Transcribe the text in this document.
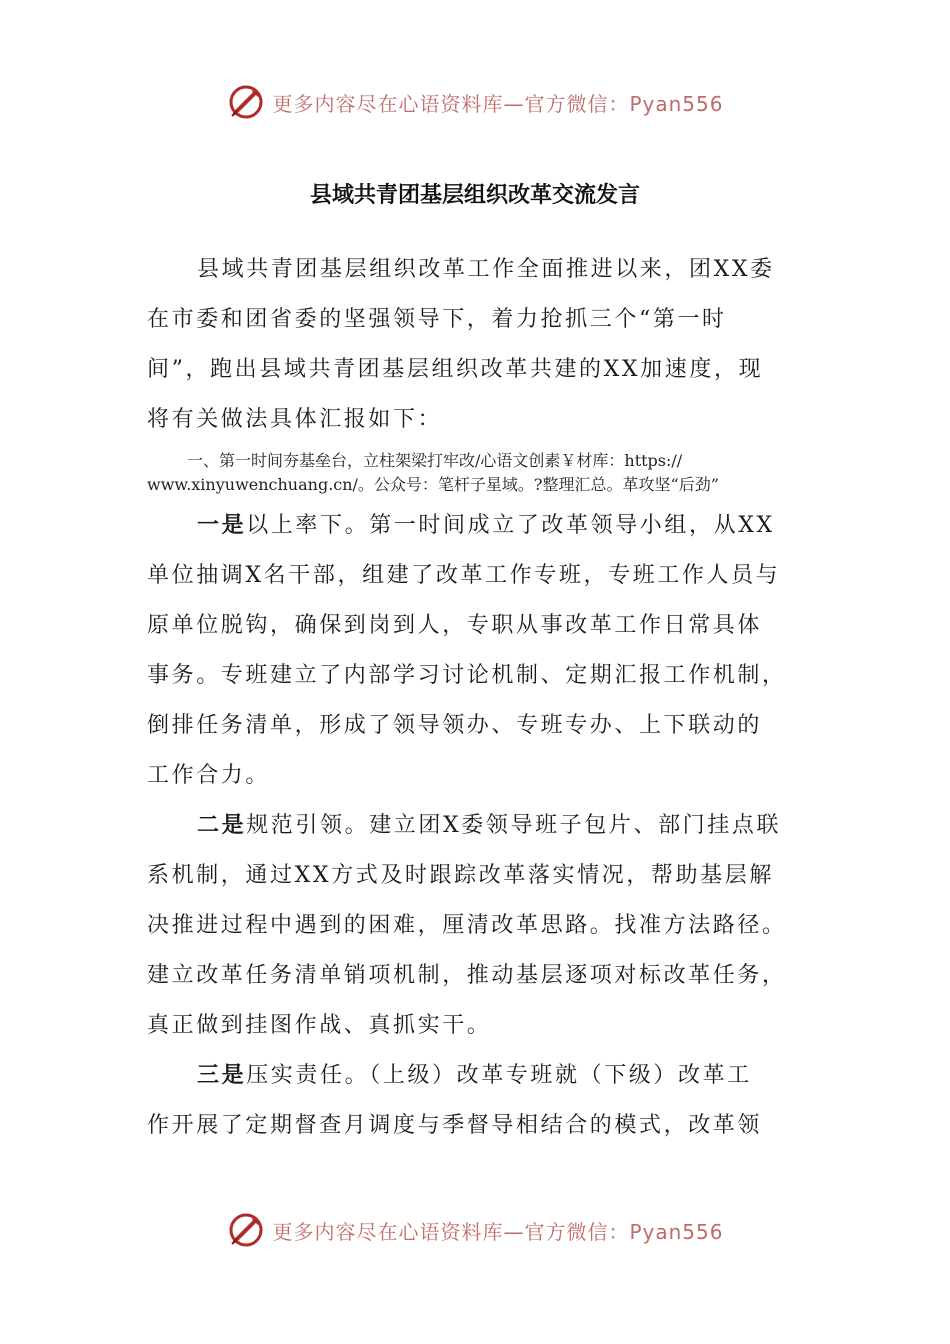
更多内容尽在心语资料库—官方微信：Pyan556
县域共青团基层组织改革交流发言

县域共青团基层组织改革工作全面推进以来，团XX委
在市委和团省委的坚强领导下，着力抢抓三个“第一时
间”，跑出县域共青团基层组织改革共建的XX加速度，现
将有关做法具体汇报如下：

一、第一时间夯基垒台，立柱架梁打牢改/心语文创素￥材库：https://
www.xinyuwenchuang.cn/。公众号：笔杆子星域。?整理汇总。革攻坚“后劲”

一是以上率下。第一时间成立了改革领导小组，从XX
单位抽调X名干部，组建了改革工作专班，专班工作人员与
原单位脱钩，确保到岗到人，专职从事改革工作日常具体
事务。专班建立了内部学习讨论机制、定期汇报工作机制，
倒排任务清单，形成了领导领办、专班专办、上下联动的
工作合力。

二是规范引领。建立团X委领导班子包片、部门挂点联
系机制，通过XX方式及时跟踪改革落实情况，帮助基层解
决推进过程中遇到的困难，厘清改革思路。找准方法路径。
建立改革任务清单销项机制，推动基层逐项对标改革任务，
真正做到挂图作战、真抓实干。

三是压实责任。（上级）改革专班就（下级）改革工
作开展了定期督查月调度与季督导相结合的模式，改革领

更多内容尽在心语资料库—官方微信：Pyan556
